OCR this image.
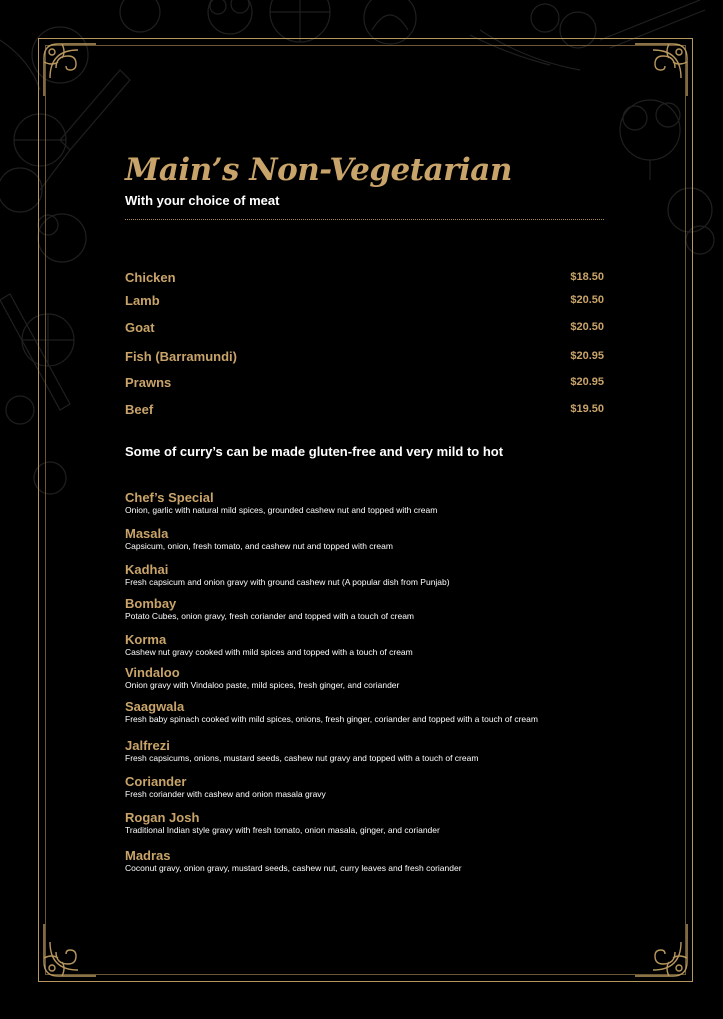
Main’s Non-Vegetarian

With your choice of meat

Chicken	$18.50
Lamb	$20.50
Goat	$20.50
Fish (Barramundi)	$20.95
Prawns	$20.95
Beef	$19.50

Some of curry’s can be made gluten-free and very mild to hot

Chef’s Special
Onion, garlic with natural mild spices, grounded cashew nut and topped with cream
Masala
Capsicum, onion, fresh tomato, and cashew nut and topped with cream
Kadhai
Fresh capsicum and onion gravy with ground cashew nut (A popular dish from Punjab)
Bombay
Potato Cubes, onion gravy, fresh coriander and topped with a touch of cream
Korma
Cashew nut gravy cooked with mild spices and topped with a touch of cream
Vindaloo
Onion gravy with Vindaloo paste, mild spices, fresh ginger, and coriander
Saagwala
Fresh baby spinach cooked with mild spices, onions, fresh ginger, coriander and topped with a touch of cream
Jalfrezi
Fresh capsicums, onions, mustard seeds, cashew nut gravy and topped with a touch of cream
Coriander
Fresh coriander with cashew and onion masala gravy
Rogan Josh
Traditional Indian style gravy with fresh tomato, onion masala, ginger, and coriander
Madras
Coconut gravy, onion gravy, mustard seeds, cashew nut, curry leaves and fresh coriander
